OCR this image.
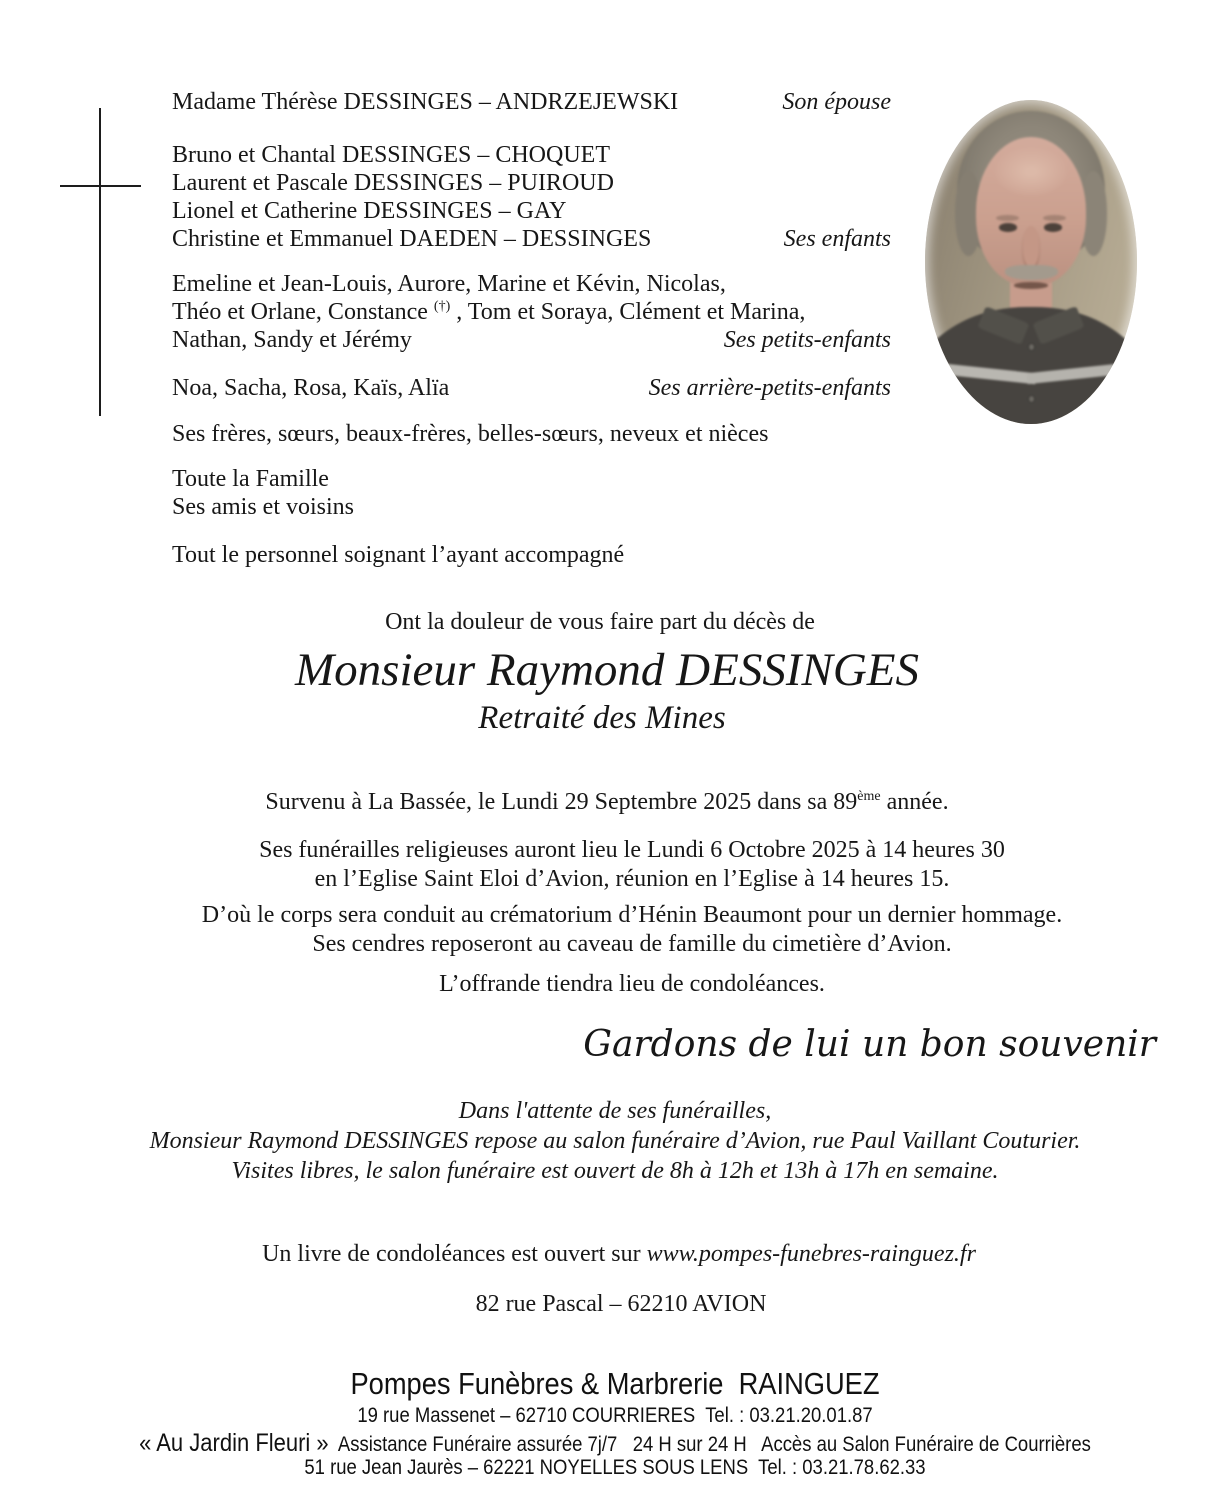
Madame Thérèse DESSINGES – ANDRZEJEWSKI	Son épouse
Bruno et Chantal DESSINGES – CHOQUET
Laurent et Pascale DESSINGES – PUIROUD
Lionel et Catherine DESSINGES – GAY
Christine et Emmanuel DAEDEN – DESSINGES	Ses enfants
Emeline et Jean-Louis, Aurore, Marine et Kévin, Nicolas,
Théo et Orlane, Constance (†) , Tom et Soraya, Clément et Marina,
Nathan, Sandy et Jérémy	Ses petits-enfants
Noa, Sacha, Rosa, Kaïs, Alïa	Ses arrière-petits-enfants
Ses frères, sœurs, beaux-frères, belles-sœurs, neveux et nièces
Toute la Famille
Ses amis et voisins
Tout le personnel soignant l’ayant accompagné
Ont la douleur de vous faire part du décès de
Monsieur Raymond DESSINGES
Retraité des Mines
Survenu à La Bassée, le Lundi 29 Septembre 2025 dans sa 89ème année.
Ses funérailles religieuses auront lieu le Lundi 6 Octobre 2025 à 14 heures 30
en l’Eglise Saint Eloi d’Avion, réunion en l’Eglise à 14 heures 15.
D’où le corps sera conduit au crématorium d’Hénin Beaumont pour un dernier hommage.
Ses cendres reposeront au caveau de famille du cimetière d’Avion.
L’offrande tiendra lieu de condoléances.
Gardons de lui un bon souvenir
Dans l'attente de ses funérailles,
Monsieur Raymond DESSINGES repose au salon funéraire d’Avion, rue Paul Vaillant Couturier.
Visites libres, le salon funéraire est ouvert de 8h à 12h et 13h à 17h en semaine.
Un livre de condoléances est ouvert sur www.pompes-funebres-rainguez.fr
82 rue Pascal – 62210 AVION
Pompes Funèbres & Marbrerie  RAINGUEZ
19 rue Massenet – 62710 COURRIERES  Tel. : 03.21.20.01.87
« Au Jardin Fleuri »  Assistance Funéraire assurée 7j/7   24 H sur 24 H   Accès au Salon Funéraire de Courrières
51 rue Jean Jaurès – 62221 NOYELLES SOUS LENS  Tel. : 03.21.78.62.33
